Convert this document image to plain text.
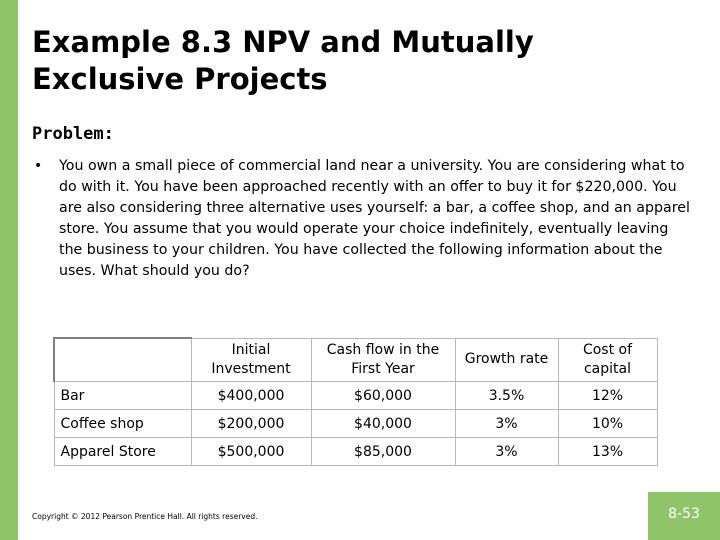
Example 8.3 NPV and Mutually Exclusive Projects
Problem:
• You own a small piece of commercial land near a university. You are considering what to do with it. You have been approached recently with an offer to buy it for $220,000. You are also considering three alternative uses yourself: a bar, a coffee shop, and an apparel store. You assume that you would operate your choice indefinitely, eventually leaving the business to your children. You have collected the following information about the uses. What should you do?

	Initial Investment	Cash flow in the First Year	Growth rate	Cost of capital
Bar	$400,000	$60,000	3.5%	12%
Coffee shop	$200,000	$40,000	3%	10%
Apparel Store	$500,000	$85,000	3%	13%
Copyright © 2012 Pearson Prentice Hall. All rights reserved.	8-53
